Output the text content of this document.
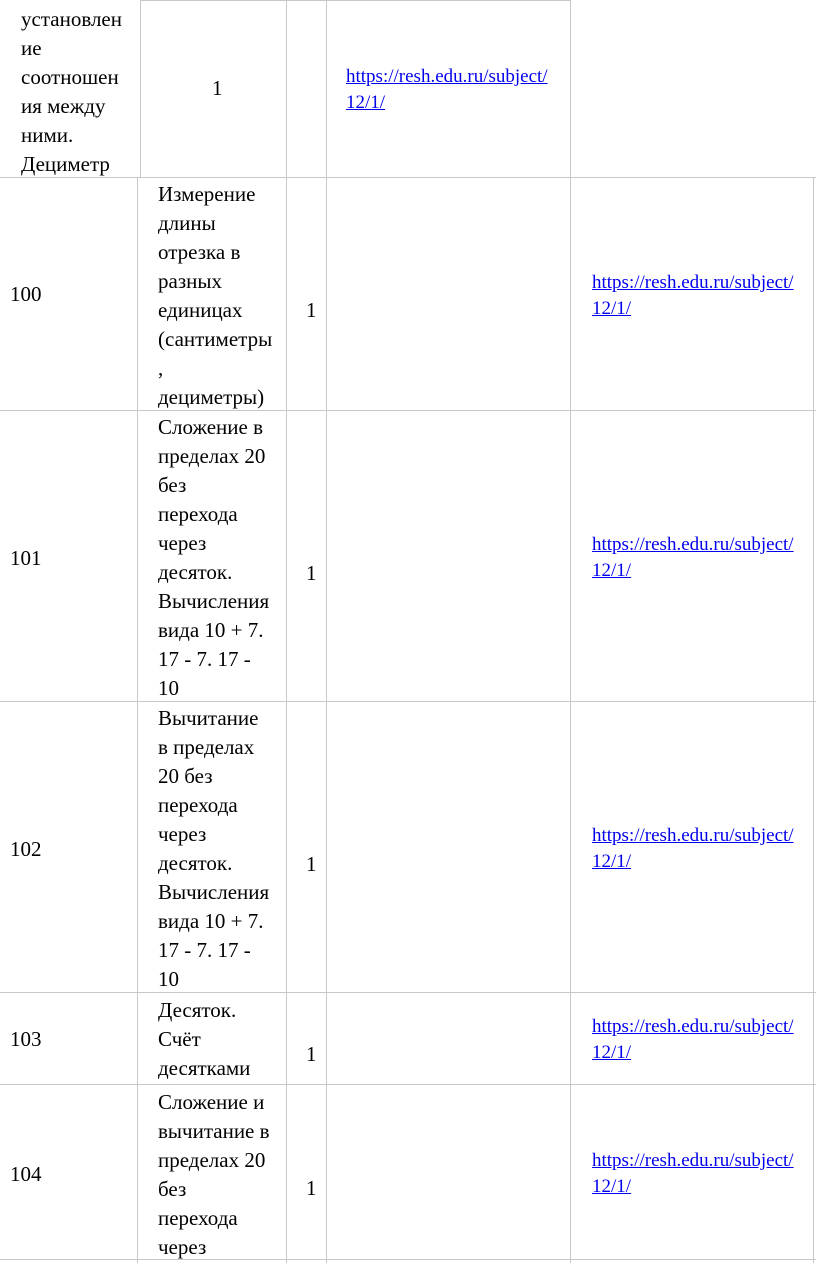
установлен
ие
соотношен
ия между
ними.
Дециметр
1	https://resh.edu.ru/subject/
12/1/
100
Измерение
длины
отрезка в
разных
единицах
(сантиметры
,
дециметры)
1
https://resh.edu.ru/subject/
12/1/
101
Сложение в
пределах 20
без
перехода
через
десяток.
Вычисления
вида 10 + 7.
17 - 7. 17 -
10
1
https://resh.edu.ru/subject/
12/1/
102
Вычитание
в пределах
20 без
перехода
через
десяток.
Вычисления
вида 10 + 7.
17 - 7. 17 -
10
1
https://resh.edu.ru/subject/
12/1/
103
Десяток.
Счёт
десятками
1
https://resh.edu.ru/subject/
12/1/
104
Сложение и
вычитание в
пределах 20
без
перехода
через
1
https://resh.edu.ru/subject/
12/1/
